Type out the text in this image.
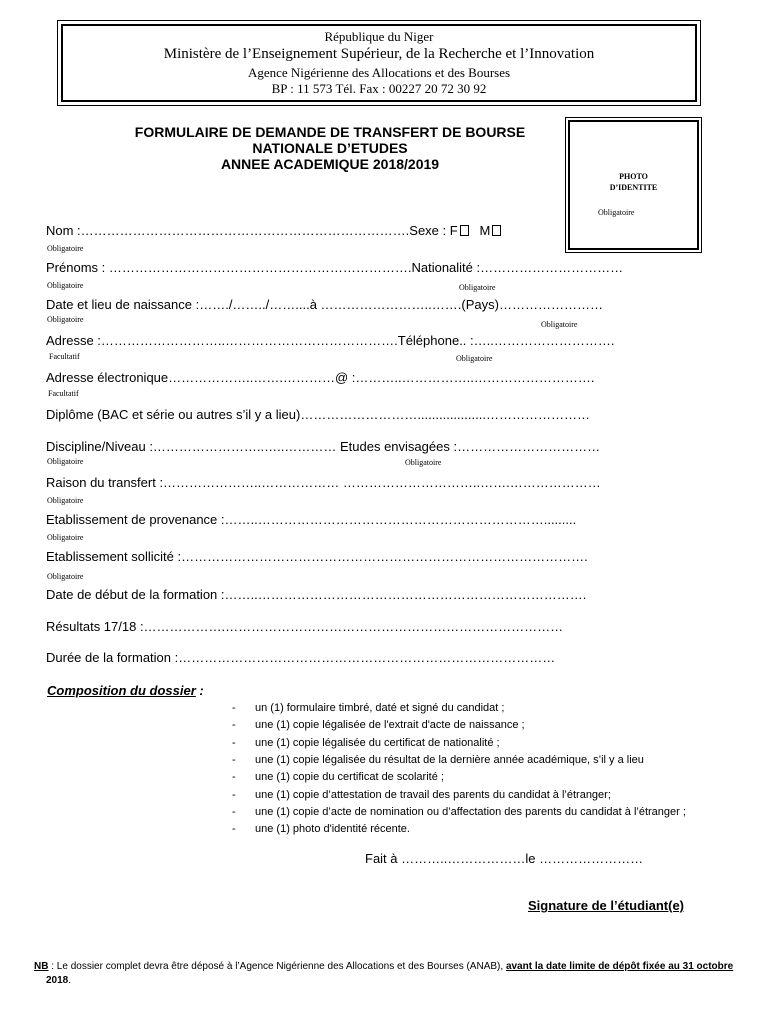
République du Niger
Ministère de l’Enseignement Supérieur, de la Recherche et l’Innovation
Agence Nigérienne des Allocations et des Bourses
BP : 11 573 Tél. Fax : 00227 20 72 30 92
FORMULAIRE DE DEMANDE DE TRANSFERT DE BOURSE
NATIONALE D’ETUDES
ANNEE ACADEMIQUE 2018/2019
PHOTO
D’IDENTITE
Obligatoire
Nom :………………………………………………………………….Sexe : F M
Obligatoire
Prénoms : …………………………………………………………….Nationalité :……………………………
Obligatoire	Obligatoire
Date et lieu de naissance :……./……../……....à ……………………..…….(Pays)……………………
Obligatoire
Obligatoire
Adresse :………………………..………………………………….Téléphone.. :…..……………………….
Facultatif	Obligatoire
Adresse électronique………………..…….…………@ :………..……………..……………………….
Facultatif
Diplôme (BAC et série ou autres s’il y a lieu)………………………...................……………………
Discipline/Niveau :……………………..…..………… Etudes envisagées :……………………………
Obligatoire	Obligatoire
Raison du transfert :…………………..……………… …………………………..…….…………………
Obligatoire
Etablissement de provenance :……..………………………………………………………….........
Obligatoire
Etablissement sollicité :………………………………………………………………………………….
Obligatoire
Date de début de la formation :……..………………………………………………………………….
Résultats 17/18 :……………….……………………………………………………………………
Durée de la formation :……………………………………………………………………………
Composition du dossier :
- un (1) formulaire timbré, daté et signé du candidat ;
- une (1) copie légalisée de l'extrait d'acte de naissance ;
- une (1) copie légalisée du certificat de nationalité ;
- une (1) copie légalisée du résultat de la dernière année académique, s’il y a lieu
- une (1) copie du certificat de scolarité ;
- une (1) copie d’attestation de travail des parents du candidat à l’étranger;
- une (1) copie d’acte de nomination ou d’affectation des parents du candidat à l’étranger ;
- une (1) photo d'identité récente.
Fait à ………..………………le ……………………
Signature de l’étudiant(e)
NB : Le dossier complet devra être déposé à l’Agence Nigérienne des Allocations et des Bourses (ANAB), avant la date limite de dépôt fixée au 31 octobre
2018.
